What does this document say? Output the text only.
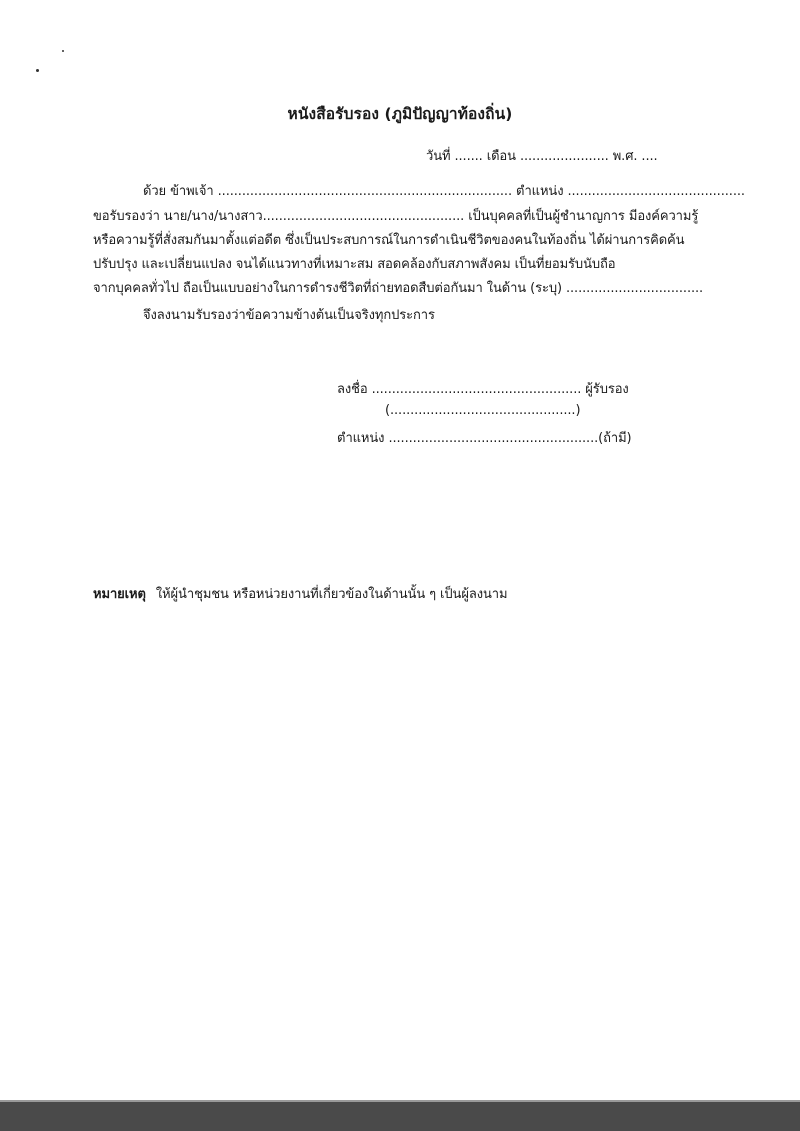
หนังสือรับรอง (ภูมิปัญญาท้องถิ่น)
วันที่ ....... เดือน ...................... พ.ศ. ....
ด้วย ข้าพเจ้า ......................................................................... ตำแหน่ง ............................................
ขอรับรองว่า นาย/นาง/นางสาว.................................................. เป็นบุคคลที่เป็นผู้ชำนาญการ มีองค์ความรู้
หรือความรู้ที่สั่งสมกันมาตั้งแต่อดีต ซึ่งเป็นประสบการณ์ในการดำเนินชีวิตของคนในท้องถิ่น ได้ผ่านการคิดค้น
ปรับปรุง และเปลี่ยนแปลง จนได้แนวทางที่เหมาะสม สอดคล้องกับสภาพสังคม เป็นที่ยอมรับนับถือ
จากบุคคลทั่วไป ถือเป็นแบบอย่างในการดำรงชีวิตที่ถ่ายทอดสืบต่อกันมา ในด้าน (ระบุ) ..................................
จึงลงนามรับรองว่าข้อความข้างต้นเป็นจริงทุกประการ
ลงชื่อ .................................................... ผู้รับรอง
(..............................................)
ตำแหน่ง ....................................................(ถ้ามี)
หมายเหตุ ให้ผู้นำชุมชน หรือหน่วยงานที่เกี่ยวข้องในด้านนั้น ๆ เป็นผู้ลงนาม
